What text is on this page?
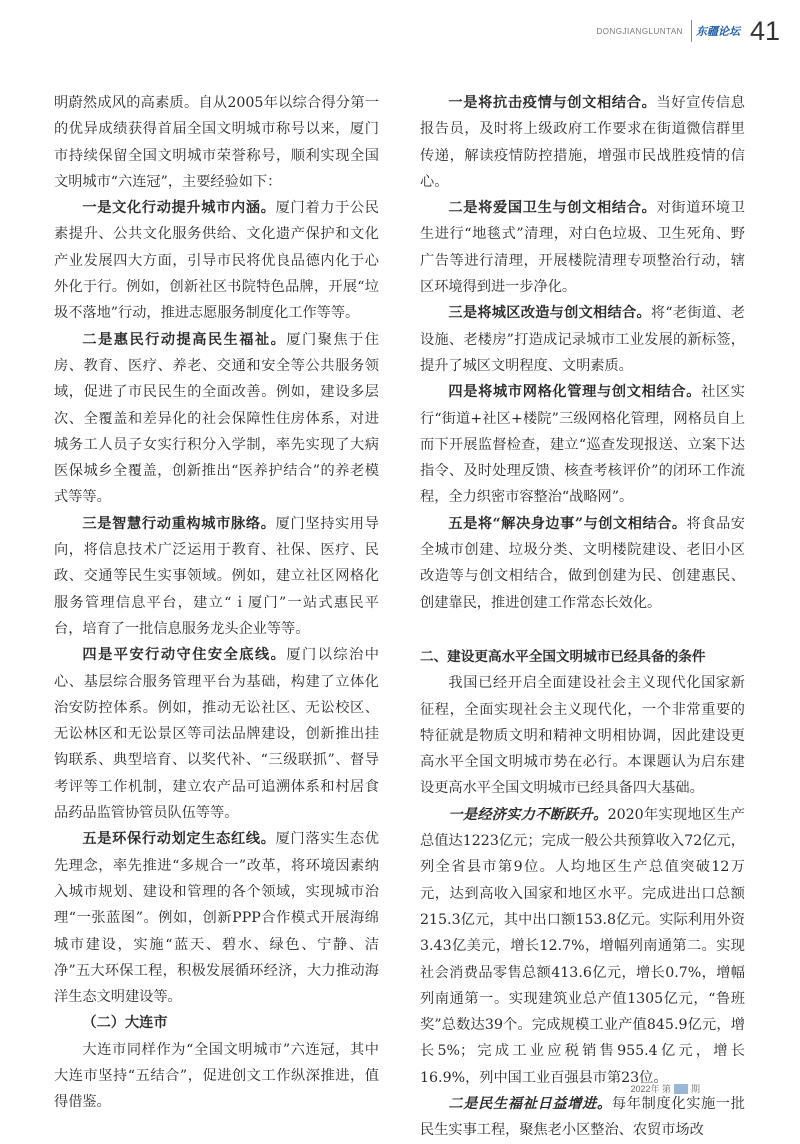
DONGJIANGLUNTAN 东疆论坛 41

明蔚然成风的高素质。自从2005年以综合得分第一的优异成绩获得首届全国文明城市称号以来，厦门市持续保留全国文明城市荣誉称号，顺利实现全国文明城市“六连冠”，主要经验如下：

一是文化行动提升城市内涵。厦门着力于公民素提升、公共文化服务供给、文化遗产保护和文化产业发展四大方面，引导市民将优良品德内化于心外化于行。例如，创新社区书院特色品牌，开展“垃圾不落地”行动，推进志愿服务制度化工作等等。

二是惠民行动提高民生福祉。厦门聚焦于住房、教育、医疗、养老、交通和安全等公共服务领域，促进了市民民生的全面改善。例如，建设多层次、全覆盖和差异化的社会保障性住房体系，对进城务工人员子女实行积分入学制，率先实现了大病医保城乡全覆盖，创新推出“医养护结合”的养老模式等等。

三是智慧行动重构城市脉络。厦门坚持实用导向，将信息技术广泛运用于教育、社保、医疗、民政、交通等民生实事领域。例如，建立社区网格化服务管理信息平台，建立“ｉ厦门”一站式惠民平台，培育了一批信息服务龙头企业等等。

四是平安行动守住安全底线。厦门以综治中心、基层综合服务管理平台为基础，构建了立体化治安防控体系。例如，推动无讼社区、无讼校区、无讼林区和无讼景区等司法品牌建设，创新推出挂钩联系、典型培育、以奖代补、“三级联抓”、督导考评等工作机制，建立农产品可追溯体系和村居食品药品监管协管员队伍等等。

五是环保行动划定生态红线。厦门落实生态优先理念，率先推进“多规合一”改革，将环境因素纳入城市规划、建设和管理的各个领域，实现城市治理“一张蓝图”。例如，创新PPP合作模式开展海绵城市建设，实施“蓝天、碧水、绿色、宁静、洁净”五大环保工程，积极发展循环经济，大力推动海洋生态文明建设等。

（二）大连市

大连市同样作为“全国文明城市”六连冠，其中大连市坚持“五结合”，促进创文工作纵深推进，值得借鉴。

一是将抗击疫情与创文相结合。当好宣传信息报告员，及时将上级政府工作要求在街道微信群里传递，解读疫情防控措施，增强市民战胜疫情的信心。

二是将爱国卫生与创文相结合。对街道环境卫生进行“地毯式”清理，对白色垃圾、卫生死角、野广告等进行清理，开展楼院清理专项整治行动，辖区环境得到进一步净化。

三是将城区改造与创文相结合。将“老街道、老设施、老楼房”打造成记录城市工业发展的新标签，提升了城区文明程度、文明素质。

四是将城市网格化管理与创文相结合。社区实行“街道+社区+楼院”三级网格化管理，网格员自上而下开展监督检查，建立“巡查发现报送、立案下达指令、及时处理反馈、核查考核评价”的闭环工作流程，全力织密市容整治“战略网”。

五是将“解决身边事”与创文相结合。将食品安全城市创建、垃圾分类、文明楼院建设、老旧小区改造等与创文相结合，做到创建为民、创建惠民、创建靠民，推进创建工作常态长效化。

二、建设更高水平全国文明城市已经具备的条件

我国已经开启全面建设社会主义现代化国家新征程，全面实现社会主义现代化，一个非常重要的特征就是物质文明和精神文明相协调，因此建设更高水平全国文明城市势在必行。本课题认为启东建设更高水平全国文明城市已经具备四大基础。

一是经济实力不断跃升。2020年实现地区生产总值达1223亿元；完成一般公共预算收入72亿元，列全省县市第9位。人均地区生产总值突破12万元，达到高收入国家和地区水平。完成进出口总额215.3亿元，其中出口额153.8亿元。实际利用外资3.43亿美元，增长12.7%，增幅列南通第二。实现社会消费品零售总额413.6亿元，增长0.7%，增幅列南通第一。实现建筑业总产值1305亿元，“鲁班奖”总数达39个。完成规模工业产值845.9亿元，增长5%；完成工业应税销售955.4亿元，增长16.9%，列中国工业百强县市第23位。

二是民生福祉日益增进。每年制度化实施一批民生实事工程，聚焦老小区整治、农贸市场改

2022年 第 期
